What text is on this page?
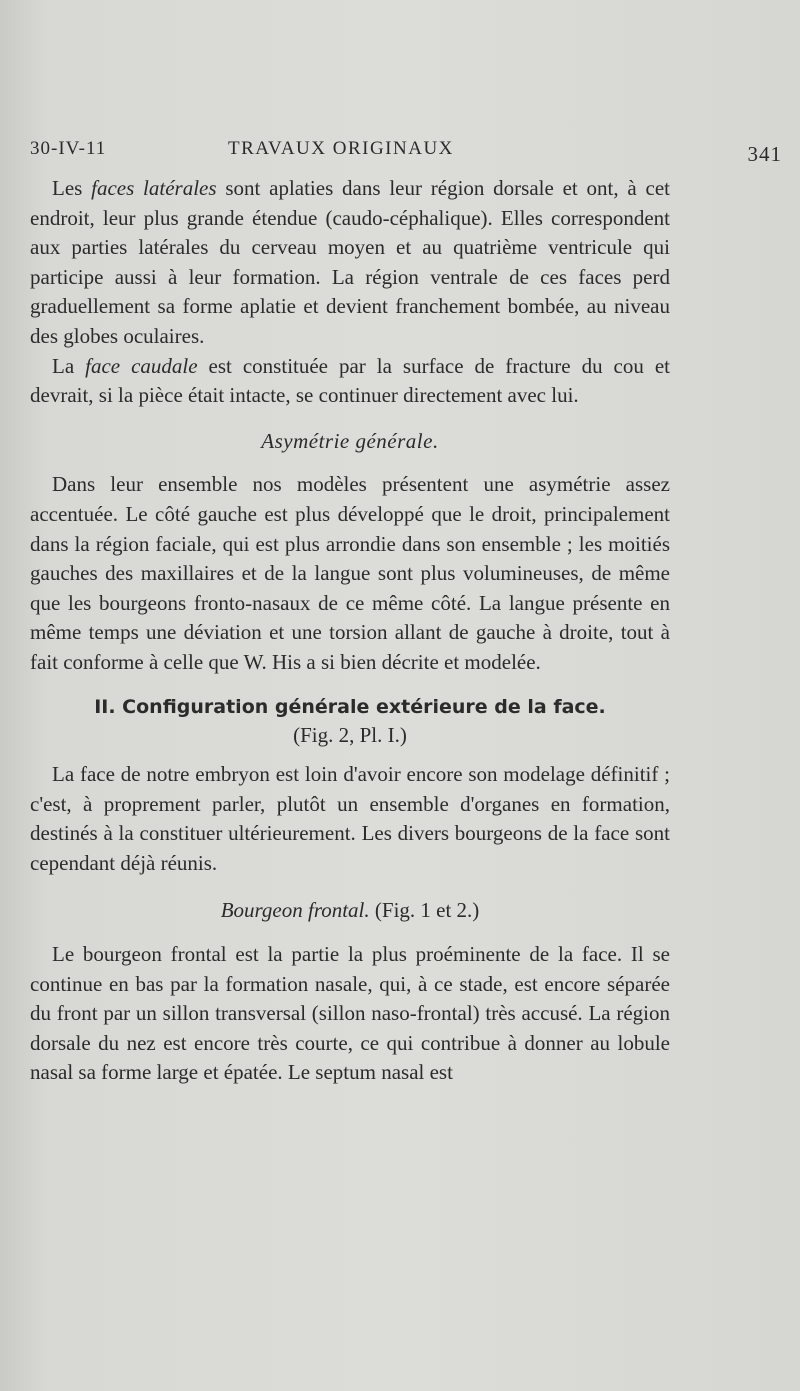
30-IV-11	TRAVAUX ORIGINAUX	341

Les faces latérales sont aplaties dans leur région dorsale et ont, à cet endroit, leur plus grande étendue (caudo-céphalique). Elles correspondent aux parties latérales du cerveau moyen et au quatrième ventricule qui participe aussi à leur formation. La région ventrale de ces faces perd graduellement sa forme aplatie et devient franchement bombée, au niveau des globes oculaires.

La face caudale est constituée par la surface de fracture du cou et devrait, si la pièce était intacte, se continuer directement avec lui.

Asymétrie générale.

Dans leur ensemble nos modèles présentent une asymétrie assez accentuée. Le côté gauche est plus développé que le droit, principalement dans la région faciale, qui est plus arrondie dans son ensemble ; les moitiés gauches des maxillaires et de la langue sont plus volumineuses, de même que les bourgeons fronto-nasaux de ce même côté. La langue présente en même temps une déviation et une torsion allant de gauche à droite, tout à fait conforme à celle que W. His a si bien décrite et modelée.

II. Configuration générale extérieure de la face.

(Fig. 2, Pl. I.)

La face de notre embryon est loin d'avoir encore son modelage définitif ; c'est, à proprement parler, plutôt un ensemble d'organes en formation, destinés à la constituer ultérieurement. Les divers bourgeons de la face sont cependant déjà réunis.

Bourgeon frontal. (Fig. 1 et 2.)

Le bourgeon frontal est la partie la plus proéminente de la face. Il se continue en bas par la formation nasale, qui, à ce stade, est encore séparée du front par un sillon transversal (sillon naso-frontal) très accusé. La région dorsale du nez est encore très courte, ce qui contribue à donner au lobule nasal sa forme large et épatée. Le septum nasal est
